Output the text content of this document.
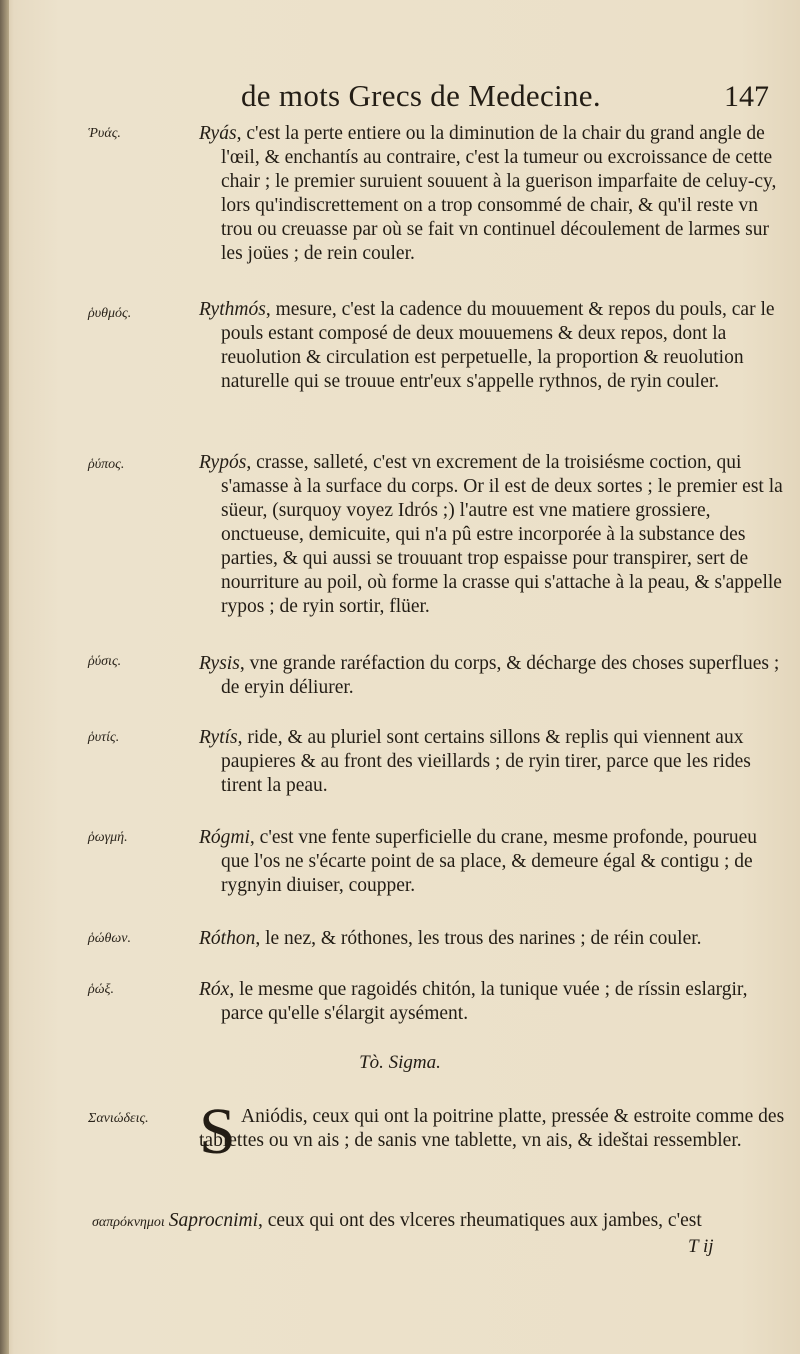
de mots Grecs de Medecine.	147
Ῥυάς.	Ryás, c'est la perte entiere ou la diminution de la chair du grand angle de l'œil, & enchantís au contraire, c'est la tumeur ou excroissance de cette chair ; le premier suruient souuent à la guerison imparfaite de celuy-cy, lors qu'indiscrettement on a trop consommé de chair, & qu'il reste vn trou ou creuasse par où se fait vn continuel découlement de larmes sur les joües ; de rein couler.
ῥυθμός.	Rythmós, mesure, c'est la cadence du mouuement & repos du pouls, car le pouls estant composé de deux mouuemens & deux repos, dont la reuolution & circulation est perpetuelle, la proportion & reuolution naturelle qui se trouue entr'eux s'appelle rythnos, de ryin couler.
ῥύπος.	Rypós, crasse, salleté, c'est vn excrement de la troisiésme coction, qui s'amasse à la surface du corps. Or il est de deux sortes ; le premier est la süeur, (surquoy voyez Idrós ;) l'autre est vne matiere grossiere, onctueuse, demicuite, qui n'a pû estre incorporée à la substance des parties, & qui aussi se trouuant trop espaisse pour transpirer, sert de nourriture au poil, où forme la crasse qui s'attache à la peau, & s'appelle rypos ; de ryin sortir, flüer.
ῥύσις.	Rysis, vne grande raréfaction du corps, & décharge des choses superflues ; de eryin déliurer.
ῥυτίς.	Rytís, ride, & au pluriel sont certains sillons & replis qui viennent aux paupieres & au front des vieillards ; de ryin tirer, parce que les rides tirent la peau.
ῥωγμή.	Rógmi, c'est vne fente superficielle du crane, mesme profonde, pourueu que l'os ne s'écarte point de sa place, & demeure égal & contigu ; de rygnyin diuiser, coupper.
ῥώθων.	Róthon, le nez, & róthones, les trous des narines ; de réin couler.
ῥώξ.	Róx, le mesme que ragoidés chitón, la tunique vuée ; de ríssin eslargir, parce qu'elle s'élargit aysément.
Tò. Sigma.
Σανιώδεις. S Aniódis, ceux qui ont la poitrine platte, pressée & estroite comme des tablettes ou vn ais ; de sanis vne tablette, vn ais, & ideštai ressembler.
σαπρόκνημοι Saprocnimi, ceux qui ont des vlceres rheumatiques aux jambes, c'est
T ij
